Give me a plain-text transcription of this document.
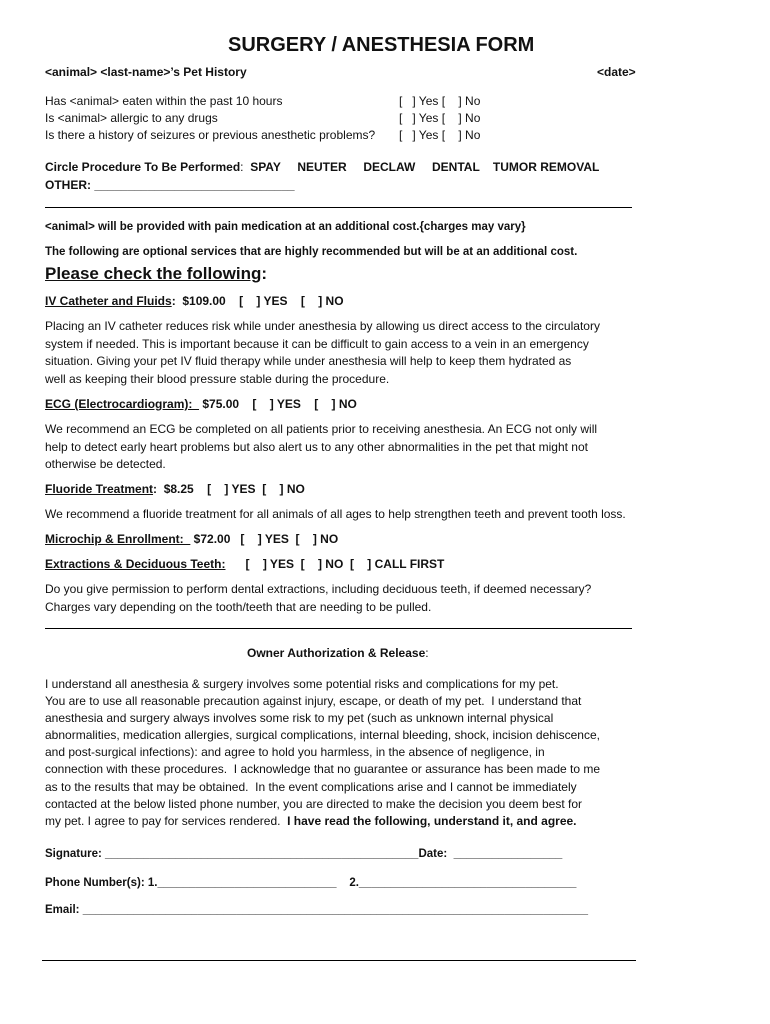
SURGERY / ANESTHESIA FORM
<animal> <last-name>’s Pet History	<date>
Has <animal> eaten within the past 10 hours	[   ] Yes [    ] No
Is <animal> allergic to any drugs	[   ] Yes [    ] No
Is there a history of seizures or previous anesthetic problems? [   ] Yes [    ] No
Circle Procedure To Be Performed: SPAY     NEUTER     DECLAW     DENTAL    TUMOR REMOVAL
OTHER: ______________________________
<animal> will be provided with pain medication at an additional cost.{charges may vary}
The following are optional services that are highly recommended but will be at an additional cost.
Please check the following:
IV Catheter and Fluids:  $109.00    [    ] YES    [    ] NO
Placing an IV catheter reduces risk while under anesthesia by allowing us direct access to the circulatory
system if needed. This is important because it can be difficult to gain access to a vein in an emergency
situation. Giving your pet IV fluid therapy while under anesthesia will help to keep them hydrated as
well as keeping their blood pressure stable during the procedure.
ECG (Electrocardiogram):   $75.00    [    ] YES    [    ] NO
We recommend an ECG be completed on all patients prior to receiving anesthesia. An ECG not only will
help to detect early heart problems but also alert us to any other abnormalities in the pet that might not
otherwise be detected.
Fluoride Treatment:  $8.25    [    ] YES  [    ] NO
We recommend a fluoride treatment for all animals of all ages to help strengthen teeth and prevent tooth loss.
Microchip & Enrollment:   $72.00   [    ] YES  [    ] NO
Extractions & Deciduous Teeth:      [    ] YES  [    ] NO  [    ] CALL FIRST
Do you give permission to perform dental extractions, including deciduous teeth, if deemed necessary?
Charges vary depending on the tooth/teeth that are needing to be pulled.
Owner Authorization & Release:
I understand all anesthesia & surgery involves some potential risks and complications for my pet.
You are to use all reasonable precaution against injury, escape, or death of my pet.  I understand that
anesthesia and surgery always involves some risk to my pet (such as unknown internal physical
abnormalities, medication allergies, surgical complications, internal bleeding, shock, incision dehiscence,
and post-surgical infections): and agree to hold you harmless, in the absence of negligence, in
connection with these procedures.  I acknowledge that no guarantee or assurance has been made to me
as to the results that may be obtained.  In the event complications arise and I cannot be immediately
contacted at the below listed phone number, you are directed to make the decision you deem best for
my pet. I agree to pay for services rendered.  I have read the following, understand it, and agree.
Signature: _________________________________________________Date:  _________________
Phone Number(s): 1.____________________________    2.__________________________________
Email: _______________________________________________________________________________
